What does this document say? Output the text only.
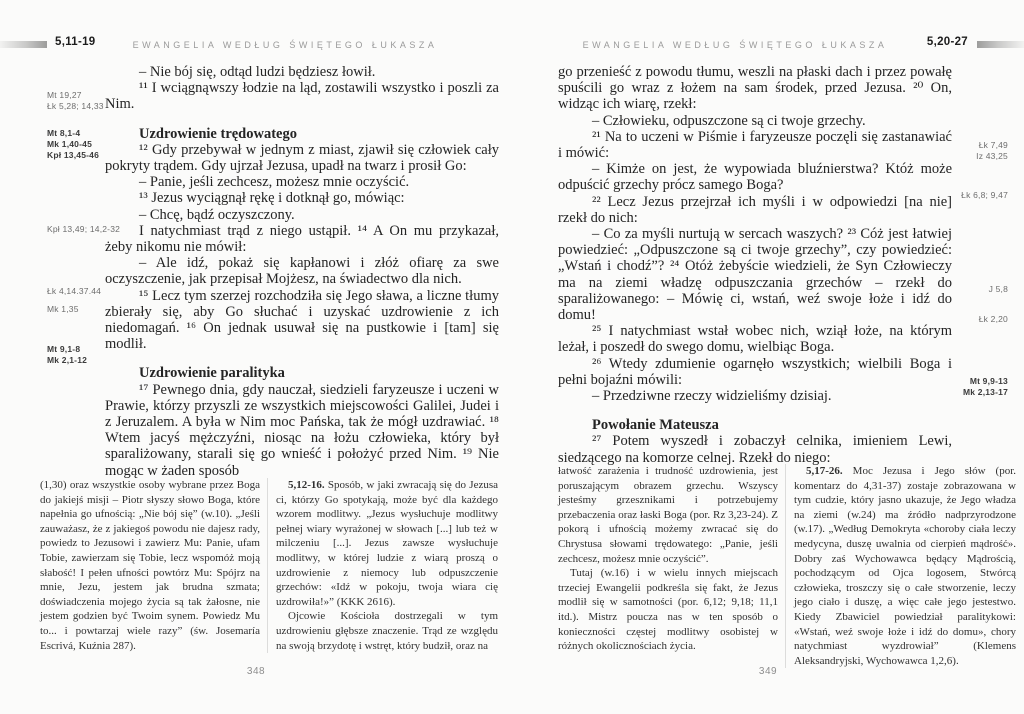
5,11-19	EWANGELIA WEDŁUG ŚWIĘTEGO ŁUKASZA
Mt 19,27
Łk 5,28; 14,33
Mt 8,1-4
Mk 1,40-45
Kpł 13,45-46
Kpł 13,49; 14,2-32
Łk 4,14.37.44
Mk 1,35
Mt 9,1-8
Mk 2,1-12

– Nie bój się, odtąd ludzi będziesz łowił.

¹¹ I wciągnąwszy łodzie na ląd, zostawili wszystko i poszli za Nim.

Uzdrowienie trędowatego

¹² Gdy przebywał w jednym z miast, zjawił się człowiek cały pokryty trądem. Gdy ujrzał Jezusa, upadł na twarz i prosił Go:

– Panie, jeśli zechcesz, możesz mnie oczyścić.

¹³ Jezus wyciągnął rękę i dotknął go, mówiąc:

– Chcę, bądź oczyszczony.

I natychmiast trąd z niego ustąpił. ¹⁴ A On mu przykazał, żeby nikomu nie mówił:

– Ale idź, pokaż się kapłanowi i złóż ofiarę za swe oczyszczenie, jak przepisał Mojżesz, na świadectwo dla nich.

¹⁵ Lecz tym szerzej rozchodziła się Jego sława, a liczne tłumy zbierały się, aby Go słuchać i uzyskać uzdrowienie z ich niedomagań. ¹⁶ On jednak usuwał się na pustkowie i [tam] się modlił.

Uzdrowienie paralityka

¹⁷ Pewnego dnia, gdy nauczał, siedzieli faryzeusze i uczeni w Prawie, którzy przyszli ze wszystkich miejscowości Galilei, Judei i z Jeruzalem. A była w Nim moc Pańska, tak że mógł uzdrawiać. ¹⁸ Wtem jacyś mężczyźni, niosąc na łożu człowieka, który był sparaliżowany, starali się go wnieść i położyć przed Nim. ¹⁹ Nie mogąc w żaden sposób

(1,30) oraz wszystkie osoby wybrane przez Boga do jakiejś misji – Piotr słyszy słowo Boga, które napełnia go ufnością: „Nie bój się” (w.10). „Jeśli zauważasz, że z jakiegoś powodu nie dajesz rady, powiedz to Jezusowi i zawierz Mu: Panie, ufam Tobie, zawierzam się Tobie, lecz wspomóż moją słabość! I pełen ufności powtórz Mu: Spójrz na mnie, Jezu, jestem jak brudna szmata; doświadczenia mojego życia są tak żałosne, nie jestem godzien być Twoim synem. Powiedz Mu to... i powtarzaj wiele razy” (św. Josemaría Escrivá, Kuźnia 287).

5,12-16. Sposób, w jaki zwracają się do Jezusa ci, którzy Go spotykają, może być dla każdego wzorem modlitwy. „Jezus wysłuchuje modlitwy pełnej wiary wyrażonej w słowach [...] lub też w milczeniu [...]. Jezus zawsze wysłuchuje modlitwy, w której ludzie z wiarą proszą o uzdrowienie z niemocy lub odpuszczenie grzechów: «Idź w pokoju, twoja wiara cię uzdrowiła!»” (KKK 2616).

Ojcowie Kościoła dostrzegali w tym uzdrowieniu głębsze znaczenie. Trąd ze względu na swoją brzydotę i wstręt, który budził, oraz na

348
5,20-27
EWANGELIA WEDŁUG ŚWIĘTEGO ŁUKASZA
Łk 7,49
Iz 43,25
Łk 6,8; 9,47
J 5,8
Łk 2,20
Mt 9,9-13
Mk 2,13-17

go przenieść z powodu tłumu, weszli na płaski dach i przez powałę spuścili go wraz z łożem na sam środek, przed Jezusa. ²⁰ On, widząc ich wiarę, rzekł:

– Człowieku, odpuszczone są ci twoje grzechy.

²¹ Na to uczeni w Piśmie i faryzeusze poczęli się zastanawiać i mówić:

– Kimże on jest, że wypowiada bluźnierstwa? Któż może odpuścić grzechy prócz samego Boga?

²² Lecz Jezus przejrzał ich myśli i w odpowiedzi [na nie] rzekł do nich:

– Co za myśli nurtują w sercach waszych? ²³ Cóż jest łatwiej powiedzieć: „Odpuszczone są ci twoje grzechy”, czy powiedzieć: „Wstań i chodź”? ²⁴ Otóż żebyście wiedzieli, że Syn Człowieczy ma na ziemi władzę odpuszczania grzechów – rzekł do sparaliżowanego: – Mówię ci, wstań, weź swoje łoże i idź do domu!

²⁵ I natychmiast wstał wobec nich, wziął łoże, na którym leżał, i poszedł do swego domu, wielbiąc Boga.

²⁶ Wtedy zdumienie ogarnęło wszystkich; wielbili Boga i pełni bojaźni mówili:

– Przedziwne rzeczy widzieliśmy dzisiaj.

Powołanie Mateusza

²⁷ Potem wyszedł i zobaczył celnika, imieniem Lewi, siedzącego na komorze celnej. Rzekł do niego:

łatwość zarażenia i trudność uzdrowienia, jest poruszającym obrazem grzechu. Wszyscy jesteśmy grzesznikami i potrzebujemy przebaczenia oraz łaski Boga (por. Rz 3,23-24). Z pokorą i ufnością możemy zwracać się do Chrystusa słowami trędowatego: „Panie, jeśli zechcesz, możesz mnie oczyścić”.

Tutaj (w.16) i w wielu innych miejscach trzeciej Ewangelii podkreśla się fakt, że Jezus modlił się w samotności (por. 6,12; 9,18; 11,1 itd.). Mistrz poucza nas w ten sposób o konieczności częstej modlitwy osobistej w różnych okolicznościach życia.

5,17-26. Moc Jezusa i Jego słów (por. komentarz do 4,31-37) zostaje zobrazowana w tym cudzie, który jasno ukazuje, że Jego władza na ziemi (w.24) ma źródło nadprzyrodzone (w.17). „Według Demokryta «choroby ciała leczy medycyna, duszę uwalnia od cierpień mądrość». Dobry zaś Wychowawca będący Mądrością, pochodzącym od Ojca logosem, Stwórcą człowieka, troszczy się o całe stworzenie, leczy jego ciało i duszę, a więc całe jego jestestwo. Kiedy Zbawiciel powiedział paralitykowi: «Wstań, weź swoje łoże i idź do domu», chory natychmiast wyzdrowiał” (Klemens Aleksandryjski, Wychowawca 1,2,6).

349
